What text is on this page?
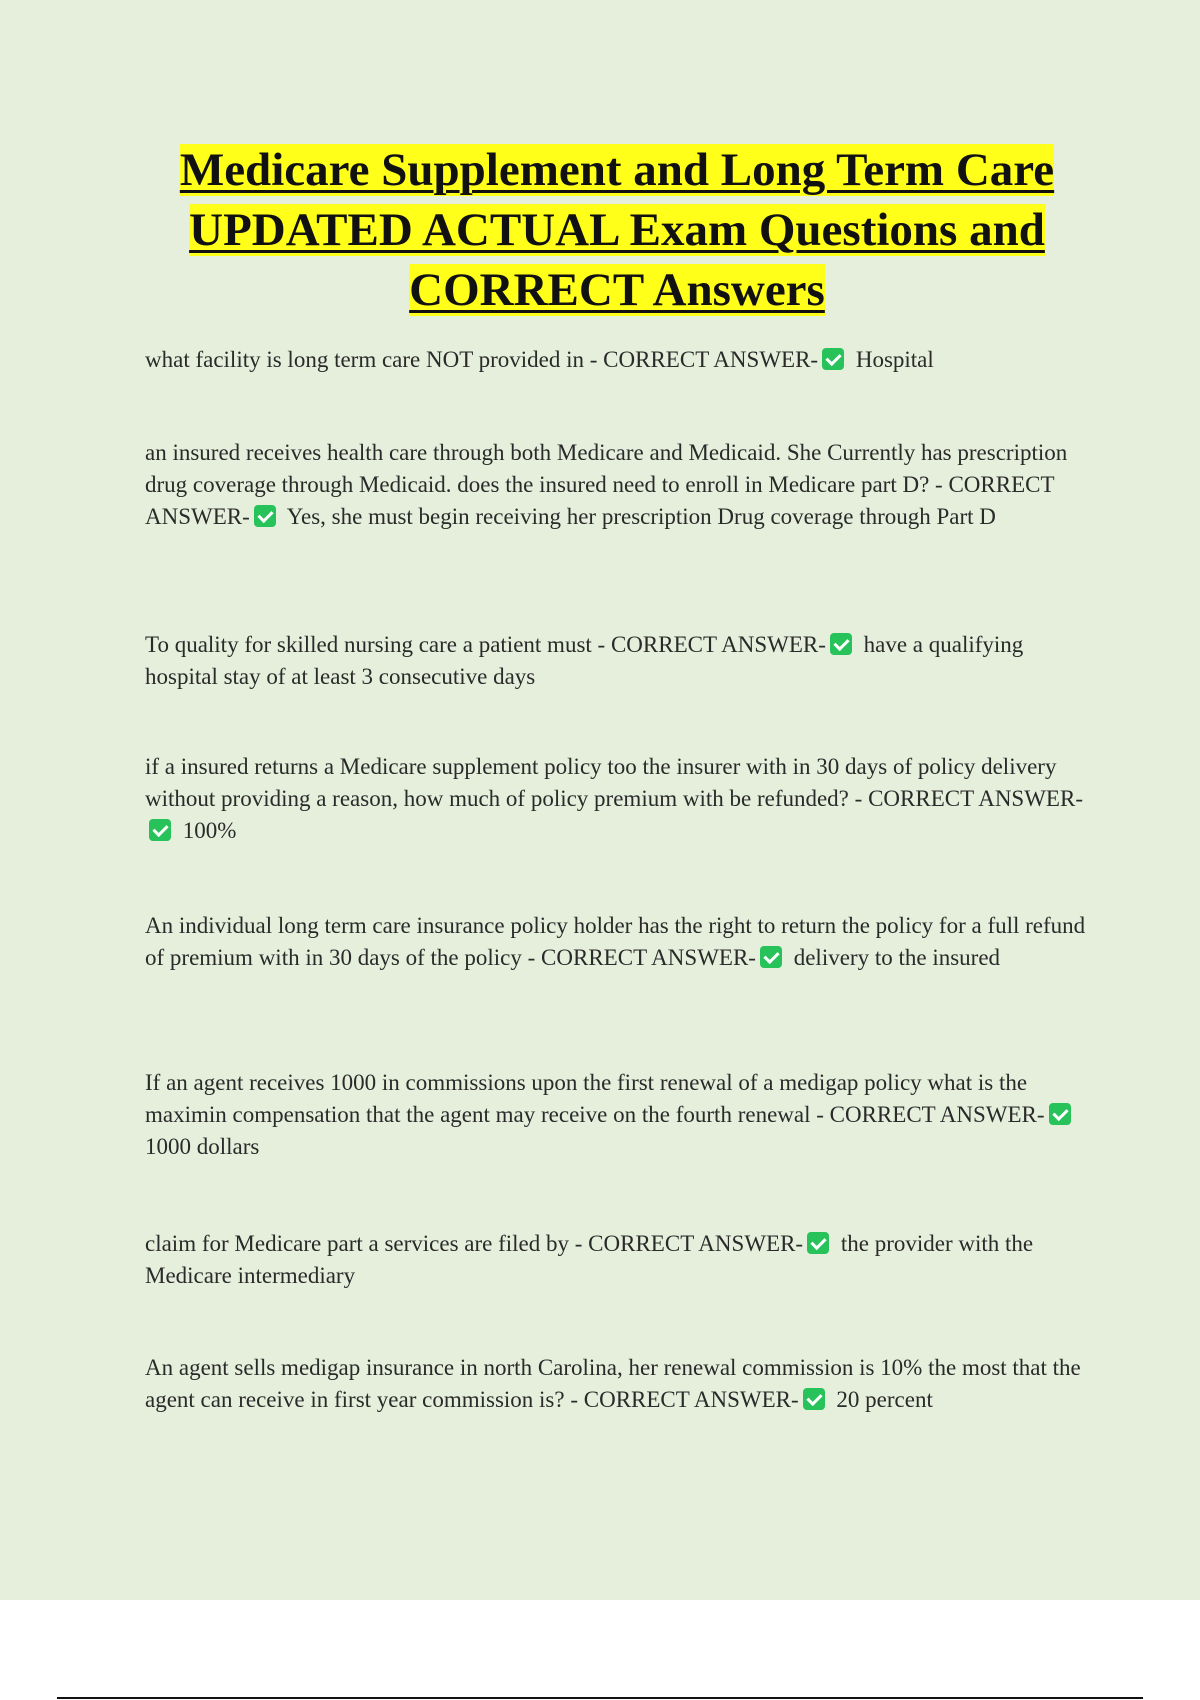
Medicare Supplement and Long Term Care UPDATED ACTUAL Exam Questions and CORRECT Answers

what facility is long term care NOT provided in - CORRECT ANSWER- Hospital

an insured receives health care through both Medicare and Medicaid. She Currently has prescription drug coverage through Medicaid. does the insured need to enroll in Medicare part D? - CORRECT ANSWER- Yes, she must begin receiving her prescription Drug coverage through Part D

To quality for skilled nursing care a patient must - CORRECT ANSWER- have a qualifying hospital stay of at least 3 consecutive days

if a insured returns a Medicare supplement policy too the insurer with in 30 days of policy delivery without providing a reason, how much of policy premium with be refunded? - CORRECT ANSWER- 100%

An individual long term care insurance policy holder has the right to return the policy for a full refund of premium with in 30 days of the policy - CORRECT ANSWER- delivery to the insured

If an agent receives 1000 in commissions upon the first renewal of a medigap policy what is the maximin compensation that the agent may receive on the fourth renewal - CORRECT ANSWER- 1000 dollars

claim for Medicare part a services are filed by - CORRECT ANSWER- the provider with the Medicare intermediary

An agent sells medigap insurance in north Carolina, her renewal commission is 10% the most that the agent can receive in first year commission is? - CORRECT ANSWER- 20 percent
